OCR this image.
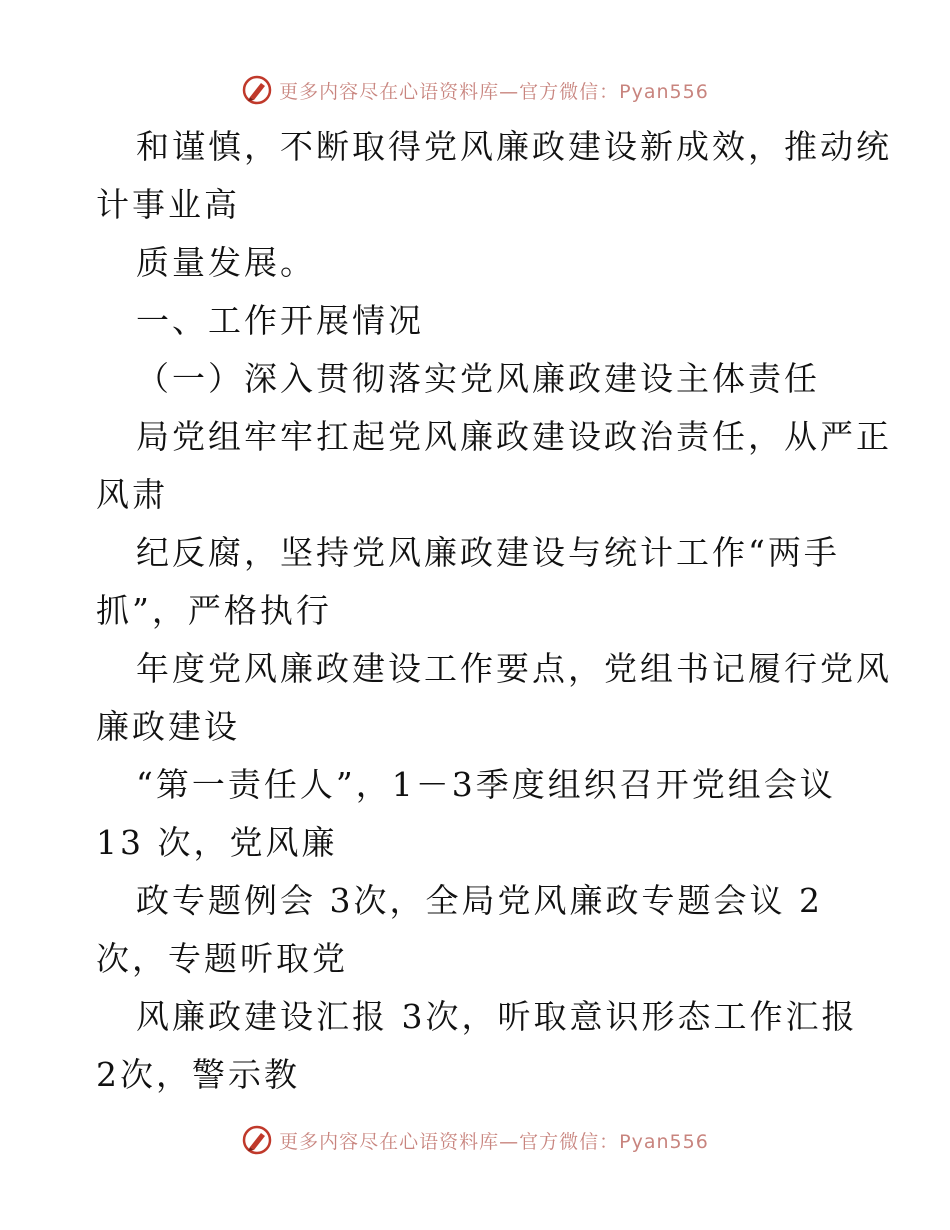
更多内容尽在心语资料库—官方微信：Pyan556

和谨慎，不断取得党风廉政建设新成效，推动统

计事业高

质量发展。

一、工作开展情况

（一）深入贯彻落实党风廉政建设主体责任

局党组牢牢扛起党风廉政建设政治责任，从严正

风肃

纪反腐，坚持党风廉政建设与统计工作“两手

抓”，严格执行

年度党风廉政建设工作要点，党组书记履行党风

廉政建设

“第一责任人”，1－3季度组织召开党组会议

13 次，党风廉

政专题例会 3次，全局党风廉政专题会议 2

次，专题听取党

风廉政建设汇报 3次，听取意识形态工作汇报

2次，警示教

更多内容尽在心语资料库—官方微信：Pyan556
